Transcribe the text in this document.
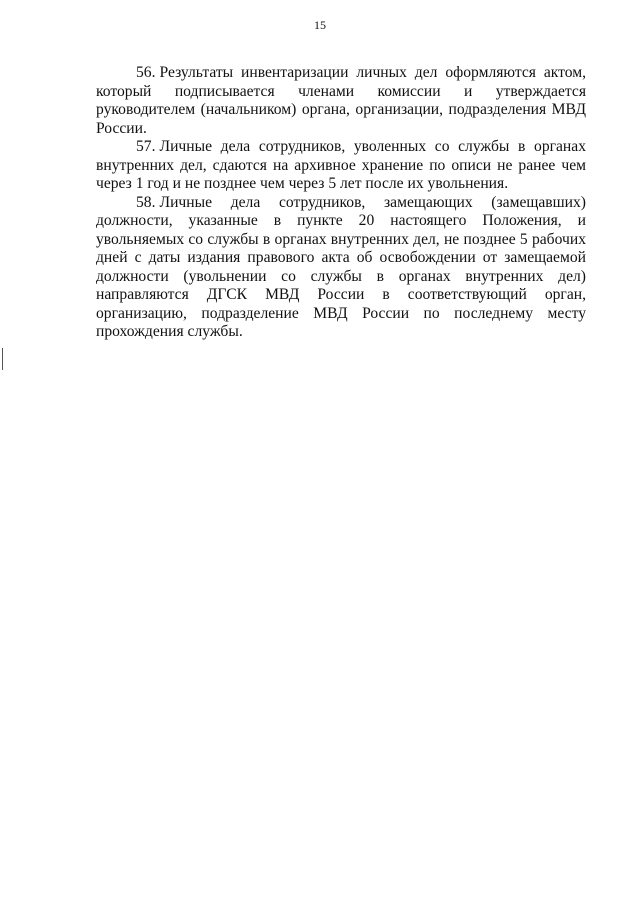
15

56. Результаты инвентаризации личных дел оформляются актом, который подписывается членами комиссии и утверждается руководителем (начальником) органа, организации, подразделения МВД России.

57. Личные дела сотрудников, уволенных со службы в органах внутренних дел, сдаются на архивное хранение по описи не ранее чем через 1 год и не позднее чем через 5 лет после их увольнения.

58. Личные дела сотрудников, замещающих (замещавших) должности, указанные в пункте 20 настоящего Положения, и увольняемых со службы в органах внутренних дел, не позднее 5 рабочих дней с даты издания правового акта об освобождении от замещаемой должности (увольнении со службы в органах внутренних дел) направляются ДГСК МВД России в соответствующий орган, организацию, подразделение МВД России по последнему месту прохождения службы.
